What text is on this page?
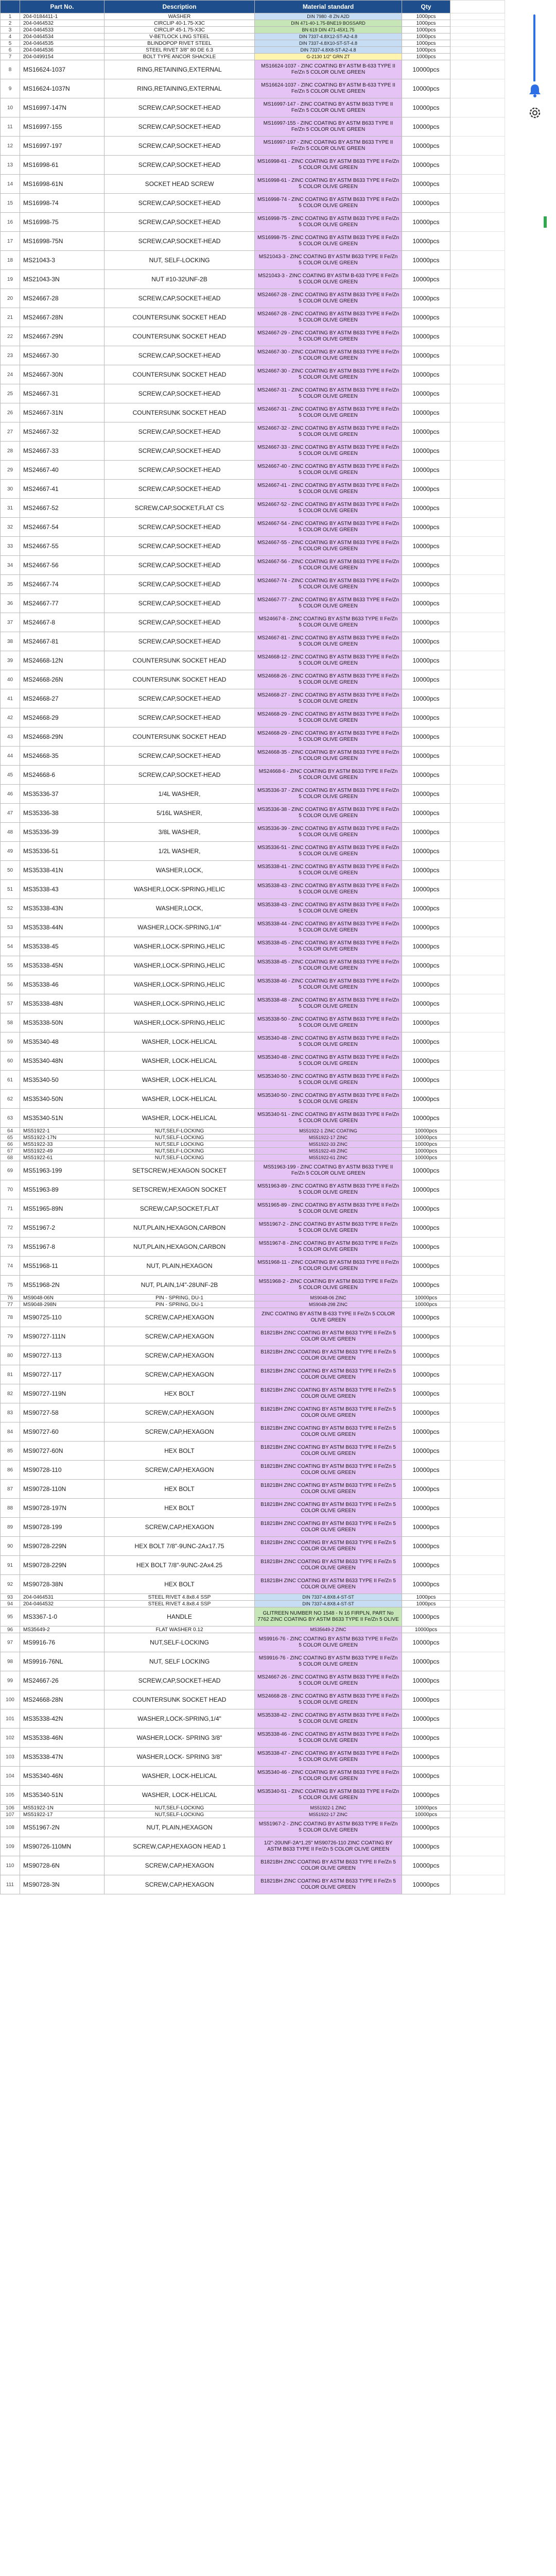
	Part No.	Description	Material standard	Qty	
1	204-0184411-1	WASHER	DIN 7980 -8 ZN A2D	1000pcs	
2	204-0464532	CIRCLIP 40-1.75-X3C	DIN 471-40-1.75-BNE19 BOSSARD	1000pcs	
3	204-0464533	CIRCLIP 45-1.75-X3C	BN 619 DIN 471-45X1.75	1000pcs	
4	204-0464534	V-BETLOCK LING STEEL	DIN 7337-4.8X12-ST-A2-4.8	1000pcs	
5	204-0464535	BLINDOPOP RIVET STEEL	DIN 7337-4.8X10-ST-ST-4.8	1000pcs	
6	204-0464536	STEEL RIVET 3/8" 80 DE 6.3	DIN 7337-4.8X8-ST-A2-4.8	1000pcs	
7	204-0499154	BOLT TYPE ANCOR SHACKLE	G-2130 1/2" GRN ZT	1000pcs	
8	MS16624-1037	RING,RETAINING,EXTERNAL	MS16624-1037 - ZINC COATING BY ASTM B-633 TYPE II Fe/Zn 5 COLOR OLIVE GREEN	10000pcs	
9	MS16624-1037N	RING,RETAINING,EXTERNAL	MS16624-1037 - ZINC COATING BY ASTM B-633 TYPE II Fe/Zn 5 COLOR OLIVE GREEN	10000pcs	
10	MS16997-147N	SCREW,CAP,SOCKET-HEAD	MS16997-147 - ZINC COATING BY ASTM B633 TYPE II Fe/Zn 5 COLOR OLIVE GREEN	10000pcs	
11	MS16997-155	SCREW,CAP,SOCKET-HEAD	MS16997-155 - ZINC COATING BY ASTM B633 TYPE II Fe/Zn 5 COLOR OLIVE GREEN	10000pcs	
12	MS16997-197	SCREW,CAP,SOCKET-HEAD	MS16997-197 - ZINC COATING BY ASTM B633 TYPE II Fe/Zn 5 COLOR OLIVE GREEN	10000pcs	
13	MS16998-61	SCREW,CAP,SOCKET-HEAD	MS16998-61 - ZINC COATING BY ASTM B633 TYPE II Fe/Zn 5 COLOR OLIVE GREEN	10000pcs	
14	MS16998-61N	SOCKET HEAD SCREW	MS16998-61 - ZINC COATING BY ASTM B633 TYPE II Fe/Zn 5 COLOR OLIVE GREEN	10000pcs	
15	MS16998-74	SCREW,CAP,SOCKET-HEAD	MS16998-74 - ZINC COATING BY ASTM B633 TYPE II Fe/Zn 5 COLOR OLIVE GREEN	10000pcs	
16	MS16998-75	SCREW,CAP,SOCKET-HEAD	MS16998-75 - ZINC COATING BY ASTM B633 TYPE II Fe/Zn 5 COLOR OLIVE GREEN	10000pcs	
17	MS16998-75N	SCREW,CAP,SOCKET-HEAD	MS16998-75 - ZINC COATING BY ASTM B633 TYPE II Fe/Zn 5 COLOR OLIVE GREEN	10000pcs	
18	MS21043-3	NUT, SELF-LOCKING	MS21043-3 - ZINC COATING BY ASTM B633 TYPE II Fe/Zn 5 COLOR OLIVE GREEN	10000pcs	
19	MS21043-3N	NUT #10-32UNF-2B	MS21043-3 - ZINC COATING BY ASTM B-633 TYPE II Fe/Zn 5 COLOR OLIVE GREEN	10000pcs	
20	MS24667-28	SCREW,CAP,SOCKET-HEAD	MS24667-28 - ZINC COATING BY ASTM B633 TYPE II Fe/Zn 5 COLOR OLIVE GREEN	10000pcs	
21	MS24667-28N	COUNTERSUNK SOCKET HEAD	MS24667-28 - ZINC COATING BY ASTM B633 TYPE II Fe/Zn 5 COLOR OLIVE GREEN	10000pcs	
22	MS24667-29N	COUNTERSUNK SOCKET HEAD	MS24667-29 - ZINC COATING BY ASTM B633 TYPE II Fe/Zn 5 COLOR OLIVE GREEN	10000pcs	
23	MS24667-30	SCREW,CAP,SOCKET-HEAD	MS24667-30 - ZINC COATING BY ASTM B633 TYPE II Fe/Zn 5 COLOR OLIVE GREEN	10000pcs	
24	MS24667-30N	COUNTERSUNK SOCKET HEAD	MS24667-30 - ZINC COATING BY ASTM B633 TYPE II Fe/Zn 5 COLOR OLIVE GREEN	10000pcs	
25	MS24667-31	SCREW,CAP,SOCKET-HEAD	MS24667-31 - ZINC COATING BY ASTM B633 TYPE II Fe/Zn 5 COLOR OLIVE GREEN	10000pcs	
26	MS24667-31N	COUNTERSUNK SOCKET HEAD	MS24667-31 - ZINC COATING BY ASTM B633 TYPE II Fe/Zn 5 COLOR OLIVE GREEN	10000pcs	
27	MS24667-32	SCREW,CAP,SOCKET-HEAD	MS24667-32 - ZINC COATING BY ASTM B633 TYPE II Fe/Zn 5 COLOR OLIVE GREEN	10000pcs	
28	MS24667-33	SCREW,CAP,SOCKET-HEAD	MS24667-33 - ZINC COATING BY ASTM B633 TYPE II Fe/Zn 5 COLOR OLIVE GREEN	10000pcs	
29	MS24667-40	SCREW,CAP,SOCKET-HEAD	MS24667-40 - ZINC COATING BY ASTM B633 TYPE II Fe/Zn 5 COLOR OLIVE GREEN	10000pcs	
30	MS24667-41	SCREW,CAP,SOCKET-HEAD	MS24667-41 - ZINC COATING BY ASTM B633 TYPE II Fe/Zn 5 COLOR OLIVE GREEN	10000pcs	
31	MS24667-52	SCREW,CAP,SOCKET,FLAT CS	MS24667-52 - ZINC COATING BY ASTM B633 TYPE II Fe/Zn 5 COLOR OLIVE GREEN	10000pcs	
32	MS24667-54	SCREW,CAP,SOCKET-HEAD	MS24667-54 - ZINC COATING BY ASTM B633 TYPE II Fe/Zn 5 COLOR OLIVE GREEN	10000pcs	
33	MS24667-55	SCREW,CAP,SOCKET-HEAD	MS24667-55 - ZINC COATING BY ASTM B633 TYPE II Fe/Zn 5 COLOR OLIVE GREEN	10000pcs	
34	MS24667-56	SCREW,CAP,SOCKET-HEAD	MS24667-56 - ZINC COATING BY ASTM B633 TYPE II Fe/Zn 5 COLOR OLIVE GREEN	10000pcs	
35	MS24667-74	SCREW,CAP,SOCKET-HEAD	MS24667-74 - ZINC COATING BY ASTM B633 TYPE II Fe/Zn 5 COLOR OLIVE GREEN	10000pcs	
36	MS24667-77	SCREW,CAP,SOCKET-HEAD	MS24667-77 - ZINC COATING BY ASTM B633 TYPE II Fe/Zn 5 COLOR OLIVE GREEN	10000pcs	
37	MS24667-8	SCREW,CAP,SOCKET-HEAD	MS24667-8 - ZINC COATING BY ASTM B633 TYPE II Fe/Zn 5 COLOR OLIVE GREEN	10000pcs	
38	MS24667-81	SCREW,CAP,SOCKET-HEAD	MS24667-81 - ZINC COATING BY ASTM B633 TYPE II Fe/Zn 5 COLOR OLIVE GREEN	10000pcs	
39	MS24668-12N	COUNTERSUNK SOCKET HEAD	MS24668-12 - ZINC COATING BY ASTM B633 TYPE II Fe/Zn 5 COLOR OLIVE GREEN	10000pcs	
40	MS24668-26N	COUNTERSUNK SOCKET HEAD	MS24668-26 - ZINC COATING BY ASTM B633 TYPE II Fe/Zn 5 COLOR OLIVE GREEN	10000pcs	
41	MS24668-27	SCREW,CAP,SOCKET-HEAD	MS24668-27 - ZINC COATING BY ASTM B633 TYPE II Fe/Zn 5 COLOR OLIVE GREEN	10000pcs	
42	MS24668-29	SCREW,CAP,SOCKET-HEAD	MS24668-29 - ZINC COATING BY ASTM B633 TYPE II Fe/Zn 5 COLOR OLIVE GREEN	10000pcs	
43	MS24668-29N	COUNTERSUNK SOCKET HEAD	MS24668-29 - ZINC COATING BY ASTM B633 TYPE II Fe/Zn 5 COLOR OLIVE GREEN	10000pcs	
44	MS24668-35	SCREW,CAP,SOCKET-HEAD	MS24668-35 - ZINC COATING BY ASTM B633 TYPE II Fe/Zn 5 COLOR OLIVE GREEN	10000pcs	
45	MS24668-6	SCREW,CAP,SOCKET-HEAD	MS24668-6 - ZINC COATING BY ASTM B633 TYPE II Fe/Zn 5 COLOR OLIVE GREEN	10000pcs	
46	MS35336-37	1/4L WASHER,	MS35336-37 - ZINC COATING BY ASTM B633 TYPE II Fe/Zn 5 COLOR OLIVE GREEN	10000pcs	
47	MS35336-38	5/16L WASHER,	MS35336-38 - ZINC COATING BY ASTM B633 TYPE II Fe/Zn 5 COLOR OLIVE GREEN	10000pcs	
48	MS35336-39	3/8L WASHER,	MS35336-39 - ZINC COATING BY ASTM B633 TYPE II Fe/Zn 5 COLOR OLIVE GREEN	10000pcs	
49	MS35336-51	1/2L WASHER,	MS35336-51 - ZINC COATING BY ASTM B633 TYPE II Fe/Zn 5 COLOR OLIVE GREEN	10000pcs	
50	MS35338-41N	WASHER,LOCK,	MS35338-41 - ZINC COATING BY ASTM B633 TYPE II Fe/Zn 5 COLOR OLIVE GREEN	10000pcs	
51	MS35338-43	WASHER,LOCK-SPRING,HELIC	MS35338-43 - ZINC COATING BY ASTM B633 TYPE II Fe/Zn 5 COLOR OLIVE GREEN	10000pcs	
52	MS35338-43N	WASHER,LOCK,	MS35338-43 - ZINC COATING BY ASTM B633 TYPE II Fe/Zn 5 COLOR OLIVE GREEN	10000pcs	
53	MS35338-44N	WASHER,LOCK-SPRING,1/4"	MS35338-44 - ZINC COATING BY ASTM B633 TYPE II Fe/Zn 5 COLOR OLIVE GREEN	10000pcs	
54	MS35338-45	WASHER,LOCK-SPRING,HELIC	MS35338-45 - ZINC COATING BY ASTM B633 TYPE II Fe/Zn 5 COLOR OLIVE GREEN	10000pcs	
55	MS35338-45N	WASHER,LOCK-SPRING,HELIC	MS35338-45 - ZINC COATING BY ASTM B633 TYPE II Fe/Zn 5 COLOR OLIVE GREEN	10000pcs	
56	MS35338-46	WASHER,LOCK-SPRING,HELIC	MS35338-46 - ZINC COATING BY ASTM B633 TYPE II Fe/Zn 5 COLOR OLIVE GREEN	10000pcs	
57	MS35338-48N	WASHER,LOCK-SPRING,HELIC	MS35338-48 - ZINC COATING BY ASTM B633 TYPE II Fe/Zn 5 COLOR OLIVE GREEN	10000pcs	
58	MS35338-50N	WASHER,LOCK-SPRING,HELIC	MS35338-50 - ZINC COATING BY ASTM B633 TYPE II Fe/Zn 5 COLOR OLIVE GREEN	10000pcs	
59	MS35340-48	WASHER, LOCK-HELICAL	MS35340-48 - ZINC COATING BY ASTM B633 TYPE II Fe/Zn 5 COLOR OLIVE GREEN	10000pcs	
60	MS35340-48N	WASHER, LOCK-HELICAL	MS35340-48 - ZINC COATING BY ASTM B633 TYPE II Fe/Zn 5 COLOR OLIVE GREEN	10000pcs	
61	MS35340-50	WASHER, LOCK-HELICAL	MS35340-50 - ZINC COATING BY ASTM B633 TYPE II Fe/Zn 5 COLOR OLIVE GREEN	10000pcs	
62	MS35340-50N	WASHER, LOCK-HELICAL	MS35340-50 - ZINC COATING BY ASTM B633 TYPE II Fe/Zn 5 COLOR OLIVE GREEN	10000pcs	
63	MS35340-51N	WASHER, LOCK-HELICAL	MS35340-51 - ZINC COATING BY ASTM B633 TYPE II Fe/Zn 5 COLOR OLIVE GREEN	10000pcs	
64	MS51922-1	NUT,SELF-LOCKING	MS51922-1 ZINC COATING	10000pcs	
65	MS51922-17N	NUT,SELF-LOCKING	MS51922-17 ZINC	10000pcs	
66	MS51922-33	NUT,SELF LOCKING	MS51922-33 ZINC	10000pcs	
67	MS51922-49	NUT,SELF-LOCKING	MS51922-49 ZINC	10000pcs	
68	MS51922-61	NUT,SELF-LOCKING	MS51922-61 ZINC	10000pcs	
69	MS51963-199	SETSCREW,HEXAGON SOCKET	MS51963-199 - ZINC COATING BY ASTM B633 TYPE II Fe/Zn 5 COLOR OLIVE GREEN	10000pcs	
70	MS51963-89	SETSCREW,HEXAGON SOCKET	MS51963-89 - ZINC COATING BY ASTM B633 TYPE II Fe/Zn 5 COLOR OLIVE GREEN	10000pcs	
71	MS51965-89N	SCREW,CAP,SOCKET,FLAT	MS51965-89 - ZINC COATING BY ASTM B633 TYPE II Fe/Zn 5 COLOR OLIVE GREEN	10000pcs	
72	MS51967-2	NUT,PLAIN,HEXAGON,CARBON	MS51967-2 - ZINC COATING BY ASTM B633 TYPE II Fe/Zn 5 COLOR OLIVE GREEN	10000pcs	
73	MS51967-8	NUT,PLAIN,HEXAGON,CARBON	MS51967-8 - ZINC COATING BY ASTM B633 TYPE II Fe/Zn 5 COLOR OLIVE GREEN	10000pcs	
74	MS51968-11	NUT, PLAIN,HEXAGON	MS51968-11 - ZINC COATING BY ASTM B633 TYPE II Fe/Zn 5 COLOR OLIVE GREEN	10000pcs	
75	MS51968-2N	NUT, PLAIN,1/4"-28UNF-2B	MS51968-2 - ZINC COATING BY ASTM B633 TYPE II Fe/Zn 5 COLOR OLIVE GREEN	10000pcs	
76	MS9048-06N	PIN - SPRING, DU-1	MS9048-06 ZINC	10000pcs	
77	MS9048-298N	PIN - SPRING, DU-1	MS9048-298 ZINC	10000pcs	
78	MS90725-110	SCREW,CAP,HEXAGON	ZINC COATING BY ASTM B-633 TYPE II Fe/Zn 5 COLOR OLIVE GREEN	10000pcs	
79	MS90727-111N	SCREW,CAP,HEXAGON	B1821BH ZINC COATING BY ASTM B633 TYPE II Fe/Zn 5 COLOR OLIVE GREEN	10000pcs	
80	MS90727-113	SCREW,CAP,HEXAGON	B1821BH ZINC COATING BY ASTM B633 TYPE II Fe/Zn 5 COLOR OLIVE GREEN	10000pcs	
81	MS90727-117	SCREW,CAP,HEXAGON	B1821BH ZINC COATING BY ASTM B633 TYPE II Fe/Zn 5 COLOR OLIVE GREEN	10000pcs	
82	MS90727-119N	HEX BOLT	B1821BH ZINC COATING BY ASTM B633 TYPE II Fe/Zn 5 COLOR OLIVE GREEN	10000pcs	
83	MS90727-58	SCREW,CAP,HEXAGON	B1821BH ZINC COATING BY ASTM B633 TYPE II Fe/Zn 5 COLOR OLIVE GREEN	10000pcs	
84	MS90727-60	SCREW,CAP,HEXAGON	B1821BH ZINC COATING BY ASTM B633 TYPE II Fe/Zn 5 COLOR OLIVE GREEN	10000pcs	
85	MS90727-60N	HEX BOLT	B1821BH ZINC COATING BY ASTM B633 TYPE II Fe/Zn 5 COLOR OLIVE GREEN	10000pcs	
86	MS90728-110	SCREW,CAP,HEXAGON	B1821BH ZINC COATING BY ASTM B633 TYPE II Fe/Zn 5 COLOR OLIVE GREEN	10000pcs	
87	MS90728-110N	HEX BOLT	B1821BH ZINC COATING BY ASTM B633 TYPE II Fe/Zn 5 COLOR OLIVE GREEN	10000pcs	
88	MS90728-197N	HEX BOLT	B1821BH ZINC COATING BY ASTM B633 TYPE II Fe/Zn 5 COLOR OLIVE GREEN	10000pcs	
89	MS90728-199	SCREW,CAP,HEXAGON	B1821BH ZINC COATING BY ASTM B633 TYPE II Fe/Zn 5 COLOR OLIVE GREEN	10000pcs	
90	MS90728-229N	HEX BOLT 7/8"-9UNC-2Ax17.75	B1821BH ZINC COATING BY ASTM B633 TYPE II Fe/Zn 5 COLOR OLIVE GREEN	10000pcs	
91	MS90728-229N	HEX BOLT 7/8"-9UNC-2Ax4.25	B1821BH ZINC COATING BY ASTM B633 TYPE II Fe/Zn 5 COLOR OLIVE GREEN	10000pcs	
92	MS90728-38N	HEX BOLT	B1821BH ZINC COATING BY ASTM B633 TYPE II Fe/Zn 5 COLOR OLIVE GREEN	10000pcs	
93	204-0464531	STEEL RIVET 4.8x8.4 SSP	DIN 7337-4.8X8.4-ST-ST	1000pcs	
94	204-0464532	STEEL RIVET 4.8x8.4 SSP	DIN 7337-4.8X8.4-ST-ST	1000pcs	
95	MS3367-1-0	HANDLE	GLITREEN NUMBER NO 1548 - N 16 FIRPLN, PART No 7762 ZINC COATING BY ASTM B633 TYPE II Fe/Zn 5 OLIVE	10000pcs	
96	MS35649-2	FLAT WASHER 0.12	MS35649-2 ZINC	10000pcs	
97	MS9916-76	NUT,SELF-LOCKING	MS9916-76 - ZINC COATING BY ASTM B633 TYPE II Fe/Zn 5 COLOR OLIVE GREEN	10000pcs	
98	MS9916-76NL	NUT, SELF LOCKING	MS9916-76 - ZINC COATING BY ASTM B633 TYPE II Fe/Zn 5 COLOR OLIVE GREEN	10000pcs	
99	MS24667-26	SCREW,CAP,SOCKET-HEAD	MS24667-26 - ZINC COATING BY ASTM B633 TYPE II Fe/Zn 5 COLOR OLIVE GREEN	10000pcs	
100	MS24668-28N	COUNTERSUNK SOCKET HEAD	MS24668-28 - ZINC COATING BY ASTM B633 TYPE II Fe/Zn 5 COLOR OLIVE GREEN	10000pcs	
101	MS35338-42N	WASHER,LOCK-SPRING,1/4"	MS35338-42 - ZINC COATING BY ASTM B633 TYPE II Fe/Zn 5 COLOR OLIVE GREEN	10000pcs	
102	MS35338-46N	WASHER,LOCK- SPRING 3/8"	MS35338-46 - ZINC COATING BY ASTM B633 TYPE II Fe/Zn 5 COLOR OLIVE GREEN	10000pcs	
103	MS35338-47N	WASHER,LOCK- SPRING 3/8"	MS35338-47 - ZINC COATING BY ASTM B633 TYPE II Fe/Zn 5 COLOR OLIVE GREEN	10000pcs	
104	MS35340-46N	WASHER, LOCK-HELICAL	MS35340-46 - ZINC COATING BY ASTM B633 TYPE II Fe/Zn 5 COLOR OLIVE GREEN	10000pcs	
105	MS35340-51N	WASHER, LOCK-HELICAL	MS35340-51 - ZINC COATING BY ASTM B633 TYPE II Fe/Zn 5 COLOR OLIVE GREEN	10000pcs	
106	MS51922-1N	NUT,SELF-LOCKING	MS51922-1 ZINC	10000pcs	
107	MS51922-17	NUT,SELF-LOCKING	MS51922-17 ZINC	10000pcs	
108	MS51967-2N	NUT, PLAIN,HEXAGON	MS51967-2 - ZINC COATING BY ASTM B633 TYPE II Fe/Zn 5 COLOR OLIVE GREEN	10000pcs	
109	MS90726-110MN	SCREW,CAP,HEXAGON HEAD 1	1/2"-20UNF-2A*1.25" MS90726-110 ZINC COATING BY ASTM B633 TYPE II Fe/Zn 5 COLOR OLIVE GREEN	10000pcs	
110	MS90728-6N	SCREW,CAP,HEXAGON	B1821BH ZINC COATING BY ASTM B633 TYPE II Fe/Zn 5 COLOR OLIVE GREEN	10000pcs	
111	MS90728-3N	SCREW,CAP,HEXAGON	B1821BH ZINC COATING BY ASTM B633 TYPE II Fe/Zn 5 COLOR OLIVE GREEN	10000pcs	
